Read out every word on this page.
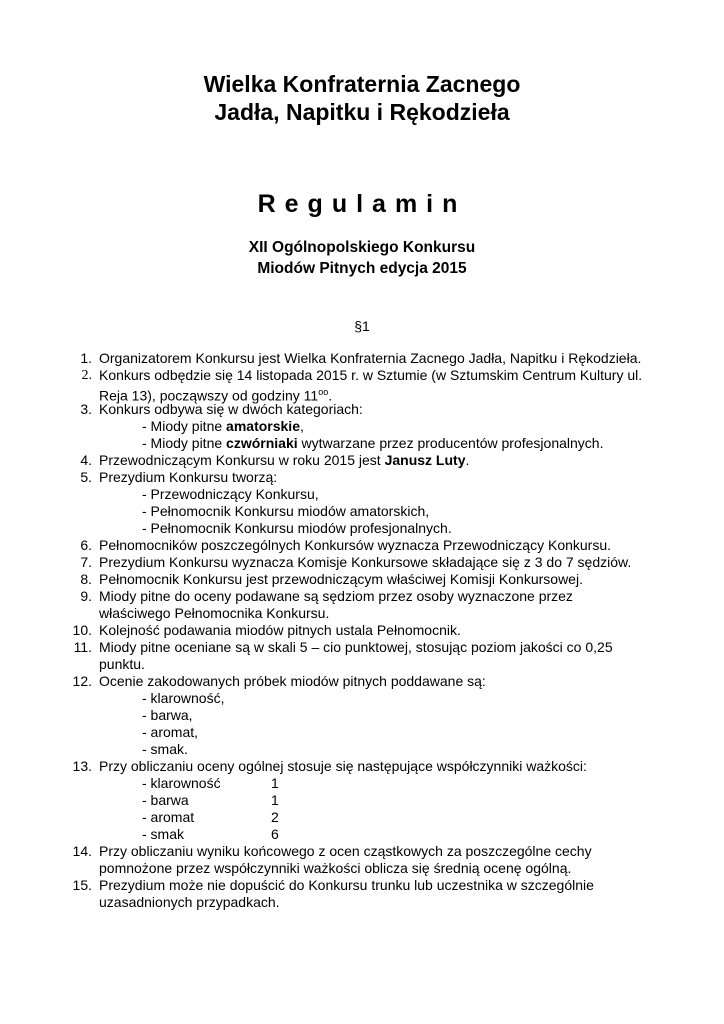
Wielka Konfraternia Zacnego
Jadła, Napitku i Rękodzieła
Regulamin
XII Ogólnopolskiego Konkursu
Miodów Pitnych edycja 2015
§1
1. Organizatorem Konkursu jest Wielka Konfraternia Zacnego Jadła, Napitku i Rękodzieła.
2. Konkurs odbędzie się 14 listopada 2015 r. w Sztumie (w Sztumskim Centrum Kultury ul.
Reja 13), począwszy od godziny $11^{oo}$.
3. Konkurs odbywa się w dwóch kategoriach:
- Miody pitne amatorskie,
- Miody pitne czwórniaki wytwarzane przez producentów profesjonalnych.
4. Przewodniczącym Konkursu w roku 2015 jest Janusz Luty.
5. Prezydium Konkursu tworzą:
- Przewodniczący Konkursu,
- Pełnomocnik Konkursu miodów amatorskich,
- Pełnomocnik Konkursu miodów profesjonalnych.
6. Pełnomocników poszczególnych Konkursów wyznacza Przewodniczący Konkursu.
7. Prezydium Konkursu wyznacza Komisje Konkursowe składające się z 3 do 7 sędziów.
8. Pełnomocnik Konkursu jest przewodniczącym właściwej Komisji Konkursowej.
9. Miody pitne do oceny podawane są sędziom przez osoby wyznaczone przez
właściwego Pełnomocnika Konkursu.
10. Kolejność podawania miodów pitnych ustala Pełnomocnik.
11. Miody pitne oceniane są w skali 5 – cio punktowej, stosując poziom jakości co 0,25
punktu.
12. Ocenie zakodowanych próbek miodów pitnych poddawane są:
- klarowność,
- barwa,
- aromat,
- smak.
13. Przy obliczaniu oceny ogólnej stosuje się następujące współczynniki ważkości:
- klarowność	1
- barwa	1
- aromat	2
- smak	6
14. Przy obliczaniu wyniku końcowego z ocen cząstkowych za poszczególne cechy
pomnożone przez współczynniki ważkości oblicza się średnią ocenę ogólną.
15. Prezydium może nie dopuścić do Konkursu trunku lub uczestnika w szczególnie
uzasadnionych przypadkach.
